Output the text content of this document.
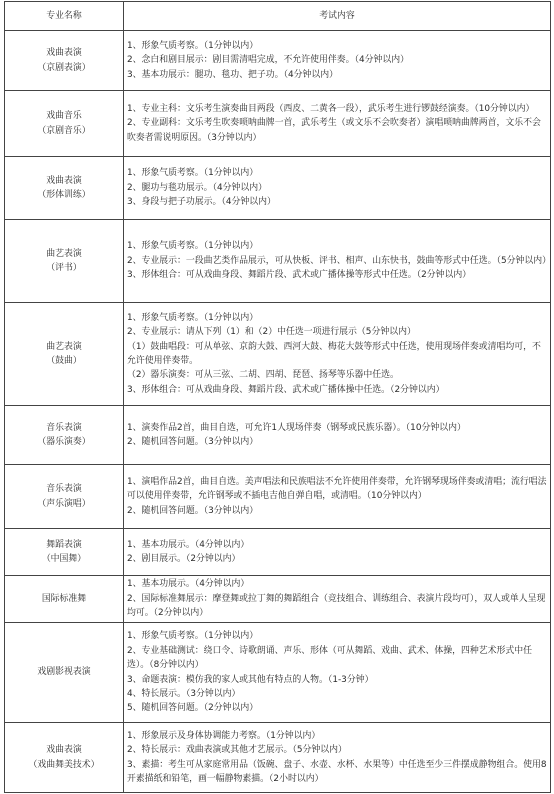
专业名称	考试内容

戏曲表演
（京剧表演）	1、形象气质考察。（1分钟以内）
2、念白和剧目展示：剧目需清唱完成，不允许使用伴奏。（4分钟以内）
3、基本功展示：腿功、毯功、把子功。（4分钟以内）

戏曲音乐
（京剧音乐）	1、专业主科：文乐考生演奏曲目两段（西皮、二黄各一段），武乐考生进行锣鼓经演奏。（10分钟以内）
2、专业副科：文乐考生吹奏唢呐曲牌一首，武乐考生（或文乐不会吹奏者）演唱唢呐曲牌两首，文乐不会吹奏者需说明原因。（3分钟以内）

戏曲表演
（形体训练）	1、形象气质考察。（1分钟以内）
2、腿功与毯功展示。（4分钟以内）
3、身段与把子功展示。（4分钟以内）

曲艺表演
（评书）	1、形象气质考察。（1分钟以内）
2、专业展示：一段曲艺类作品展示，可从快板、评书、相声、山东快书，鼓曲等形式中任选。（5分钟以内）
3、形体组合：可从戏曲身段、舞蹈片段、武术或广播体操等形式中任选。（2分钟以内）

曲艺表演
（鼓曲）	1、形象气质考察。（1分钟以内）
2、专业展示：请从下列（1）和（2）中任选一项进行展示（5分钟以内）
（1）鼓曲唱段：可从单弦、京韵大鼓、西河大鼓、梅花大鼓等形式中任选，使用现场伴奏或清唱均可，不允许使用伴奏带。
（2）器乐演奏：可从三弦、二胡、四胡、琵琶、扬琴等乐器中任选。
3、形体组合：可从戏曲身段、舞蹈片段、武术或广播体操中任选。（2分钟以内）

音乐表演
（器乐演奏）	1、演奏作品2首，曲目自选，可允许1人现场伴奏（钢琴或民族乐器）。（10分钟以内）
2、随机回答问题。（3分钟以内）

音乐表演
（声乐演唱）	1、演唱作品2首，曲目自选。美声唱法和民族唱法不允许使用伴奏带，允许钢琴现场伴奏或清唱；流行唱法可以使用伴奏带，允许钢琴或不插电吉他自弹自唱，或清唱。（10分钟以内）
2、随机回答问题。（3分钟以内）

舞蹈表演
（中国舞）	1、基本功展示。（4分钟以内）
2、剧目展示。（2分钟以内）

国际标准舞	1、基本功展示。（4分钟以内）
2、国际标准舞展示：摩登舞或拉丁舞的舞蹈组合（竞技组合、训练组合、表演片段均可），双人或单人呈现均可。（2分钟以内）

戏剧影视表演	1、形象气质考察。（1分钟以内）
2、专业基础测试：绕口令、诗歌朗诵、声乐、形体（可从舞蹈、戏曲、武术、体操，四种艺术形式中任选）。（8分钟以内）
3、命题表演：模仿我的家人或其他有特点的人物。（1-3分钟）
4、特长展示。（3分钟以内）
5、随机回答问题。（2分钟以内）

戏曲表演
（戏曲舞美技术）	1、形象展示及身体协调能力考察。（1分钟以内）
2、特长展示：戏曲表演或其他才艺展示。（5分钟以内）
3、素描：考生可从家庭常用品（饭碗、盘子、水壶、水杯、水果等）中任选至少三件摆成静物组合。使用8开素描纸和铅笔，画一幅静物素描。（2小时以内）
